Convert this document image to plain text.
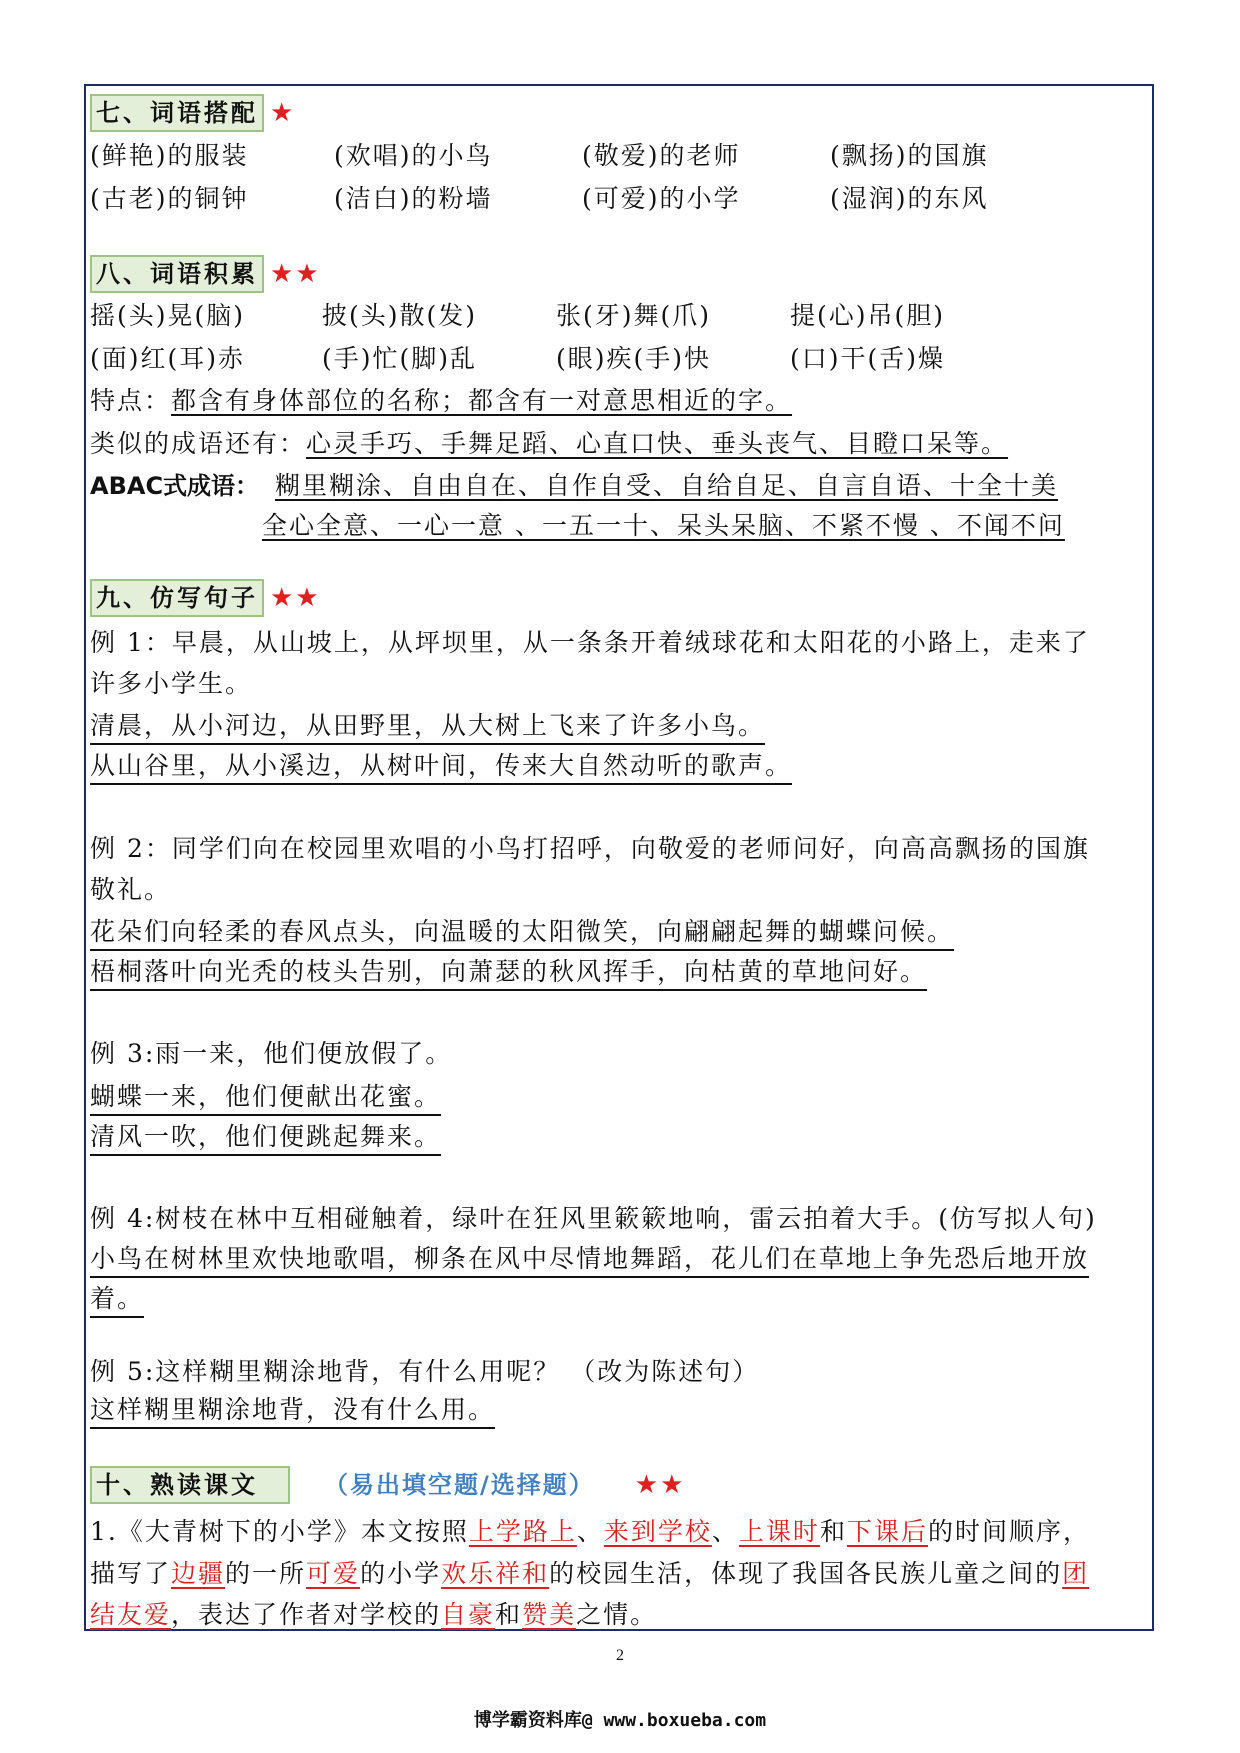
七、词语搭配 ★
(鲜艳)的服装	(欢唱)的小鸟	(敬爱)的老师	(飘扬)的国旗
(古老)的铜钟	(洁白)的粉墙	(可爱)的小学	(湿润)的东风
八、词语积累 ★★
摇(头)晃(脑)	披(头)散(发)	张(牙)舞(爪)	提(心)吊(胆)
(面)红(耳)赤	(手)忙(脚)乱	(眼)疾(手)快	(口)干(舌)燥
特点：都含有身体部位的名称；都含有一对意思相近的字。
类似的成语还有：心灵手巧、手舞足蹈、心直口快、垂头丧气、目瞪口呆等。
ABAC式成语： 糊里糊涂、自由自在、自作自受、自给自足、自言自语、十全十美
全心全意、一心一意 、一五一十、呆头呆脑、不紧不慢 、不闻不问
九、仿写句子 ★★
例 1：早晨，从山坡上，从坪坝里，从一条条开着绒球花和太阳花的小路上，走来了
许多小学生。
清晨，从小河边，从田野里，从大树上飞来了许多小鸟。
从山谷里，从小溪边，从树叶间，传来大自然动听的歌声。
例 2：同学们向在校园里欢唱的小鸟打招呼，向敬爱的老师问好，向高高飘扬的国旗
敬礼。
花朵们向轻柔的春风点头，向温暖的太阳微笑，向翩翩起舞的蝴蝶问候。
梧桐落叶向光秃的枝头告别，向萧瑟的秋风挥手，向枯黄的草地问好。
例 3:雨一来，他们便放假了。
蝴蝶一来，他们便献出花蜜。
清风一吹，他们便跳起舞来。
例 4:树枝在林中互相碰触着，绿叶在狂风里簌簌地响，雷云拍着大手。(仿写拟人句)
小鸟在树林里欢快地歌唱，柳条在风中尽情地舞蹈，花儿们在草地上争先恐后地开放
着。
例 5:这样糊里糊涂地背，有什么用呢？ （改为陈述句）
这样糊里糊涂地背，没有什么用。
十、熟读课文	（易出填空题/选择题） ★★
1.《大青树下的小学》本文按照上学路上、来到学校、上课时和下课后的时间顺序，
描写了边疆的一所可爱的小学欢乐祥和的校园生活，体现了我国各民族儿童之间的团
结友爱，表达了作者对学校的自豪和赞美之情。
2
博学霸资料库@ www.boxueba.com
